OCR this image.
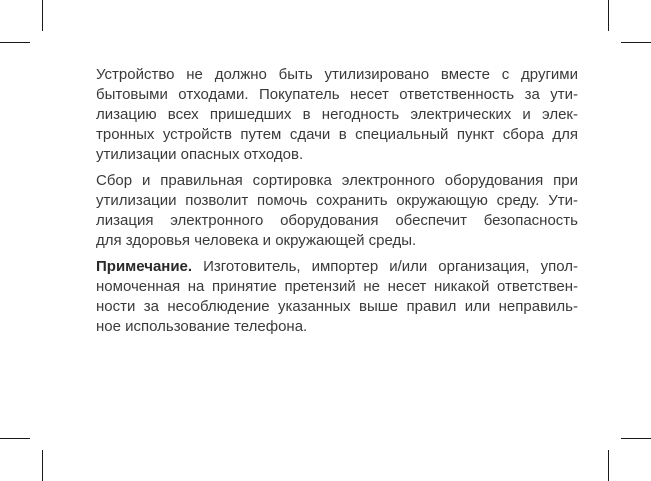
Устройство не должно быть утилизировано вместе с другими
бытовыми отходами. Покупатель несет ответственность за ути-
лизацию всех пришедших в негодность электрических и элек-
тронных устройств путем сдачи в специальный пункт сбора для
утилизации опасных отходов.
Сбор и правильная сортировка электронного оборудования при
утилизации позволит помочь сохранить окружающую среду. Ути-
лизация электронного оборудования обеспечит безопасность
для здоровья человека и окружающей среды.
Примечание. Изготовитель, импортер и/или организация, упол-
номоченная на принятие претензий не несет никакой ответствен-
ности за несоблюдение указанных выше правил или неправиль-
ное использование телефона.
